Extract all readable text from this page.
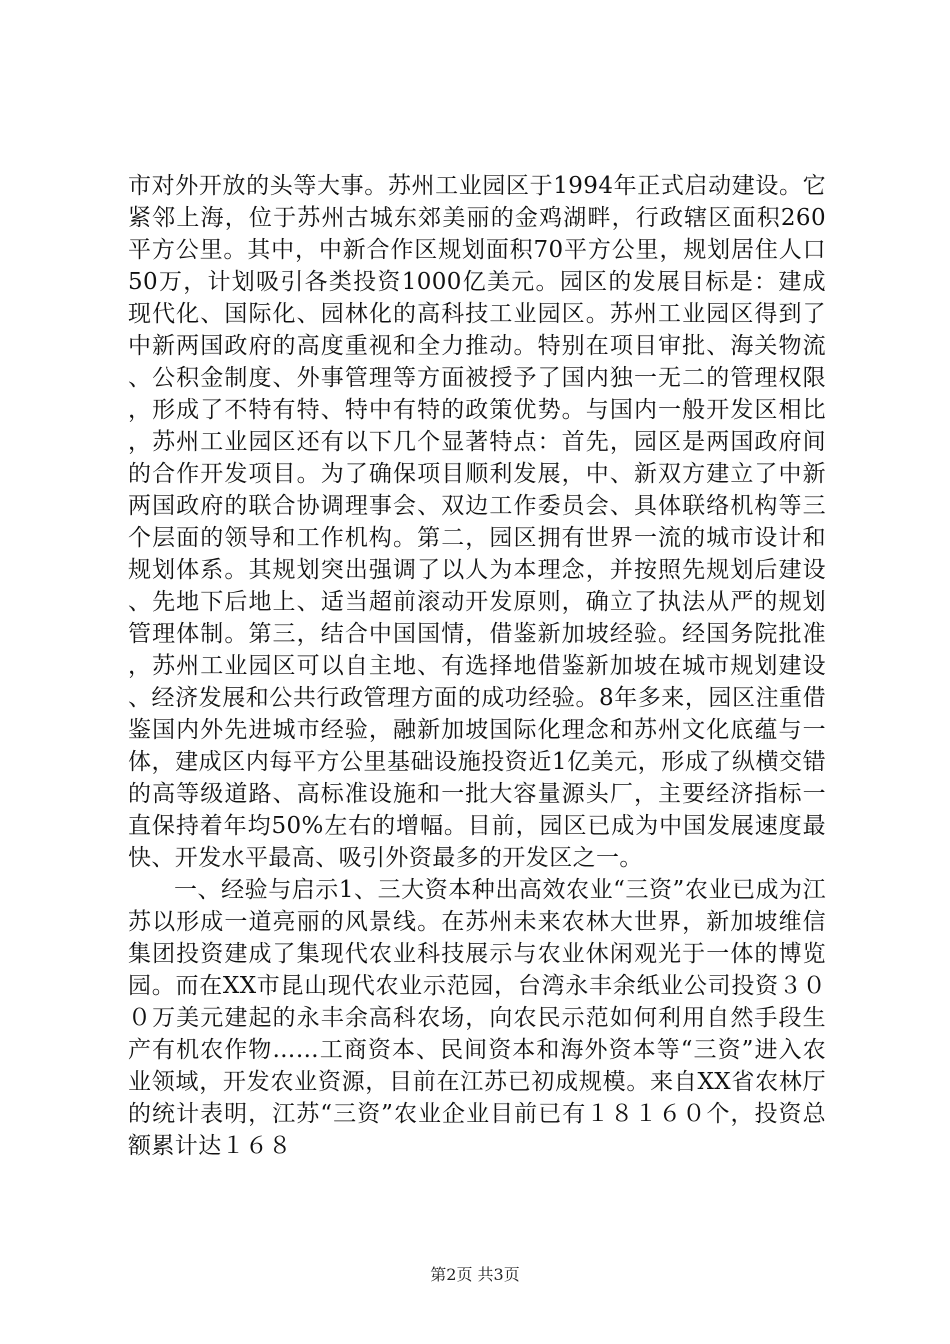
市对外开放的头等大事。苏州工业园区于1994年正式启动建设。它紧邻上海，位于苏州古城东郊美丽的金鸡湖畔，行政辖区面积260平方公里。其中，中新合作区规划面积70平方公里，规划居住人口50万，计划吸引各类投资1000亿美元。园区的发展目标是：建成现代化、国际化、园林化的高科技工业园区。苏州工业园区得到了中新两国政府的高度重视和全力推动。特别在项目审批、海关物流、公积金制度、外事管理等方面被授予了国内独一无二的管理权限，形成了不特有特、特中有特的政策优势。与国内一般开发区相比，苏州工业园区还有以下几个显著特点：首先，园区是两国政府间的合作开发项目。为了确保项目顺利发展，中、新双方建立了中新两国政府的联合协调理事会、双边工作委员会、具体联络机构等三个层面的领导和工作机构。第二，园区拥有世界一流的城市设计和规划体系。其规划突出强调了以人为本理念，并按照先规划后建设、先地下后地上、适当超前滚动开发原则，确立了执法从严的规划管理体制。第三，结合中国国情，借鉴新加坡经验。经国务院批准，苏州工业园区可以自主地、有选择地借鉴新加坡在城市规划建设、经济发展和公共行政管理方面的成功经验。8年多来，园区注重借鉴国内外先进城市经验，融新加坡国际化理念和苏州文化底蕴与一体，建成区内每平方公里基础设施投资近1亿美元，形成了纵横交错的高等级道路、高标准设施和一批大容量源头厂，主要经济指标一直保持着年均50%左右的增幅。目前，园区已成为中国发展速度最快、开发水平最高、吸引外资最多的开发区之一。

一、经验与启示1、三大资本种出高效农业“三资”农业已成为江苏以形成一道亮丽的风景线。在苏州未来农林大世界，新加坡维信集团投资建成了集现代农业科技展示与农业休闲观光于一体的博览园。而在XX市昆山现代农业示范园，台湾永丰余纸业公司投资３００万美元建起的永丰余高科农场，向农民示范如何利用自然手段生产有机农作物……工商资本、民间资本和海外资本等“三资”进入农业领域，开发农业资源，目前在江苏已初成规模。来自XX省农林厅的统计表明，江苏“三资”农业企业目前已有１８１６０个，投资总额累计达１６８

第2页 共3页
